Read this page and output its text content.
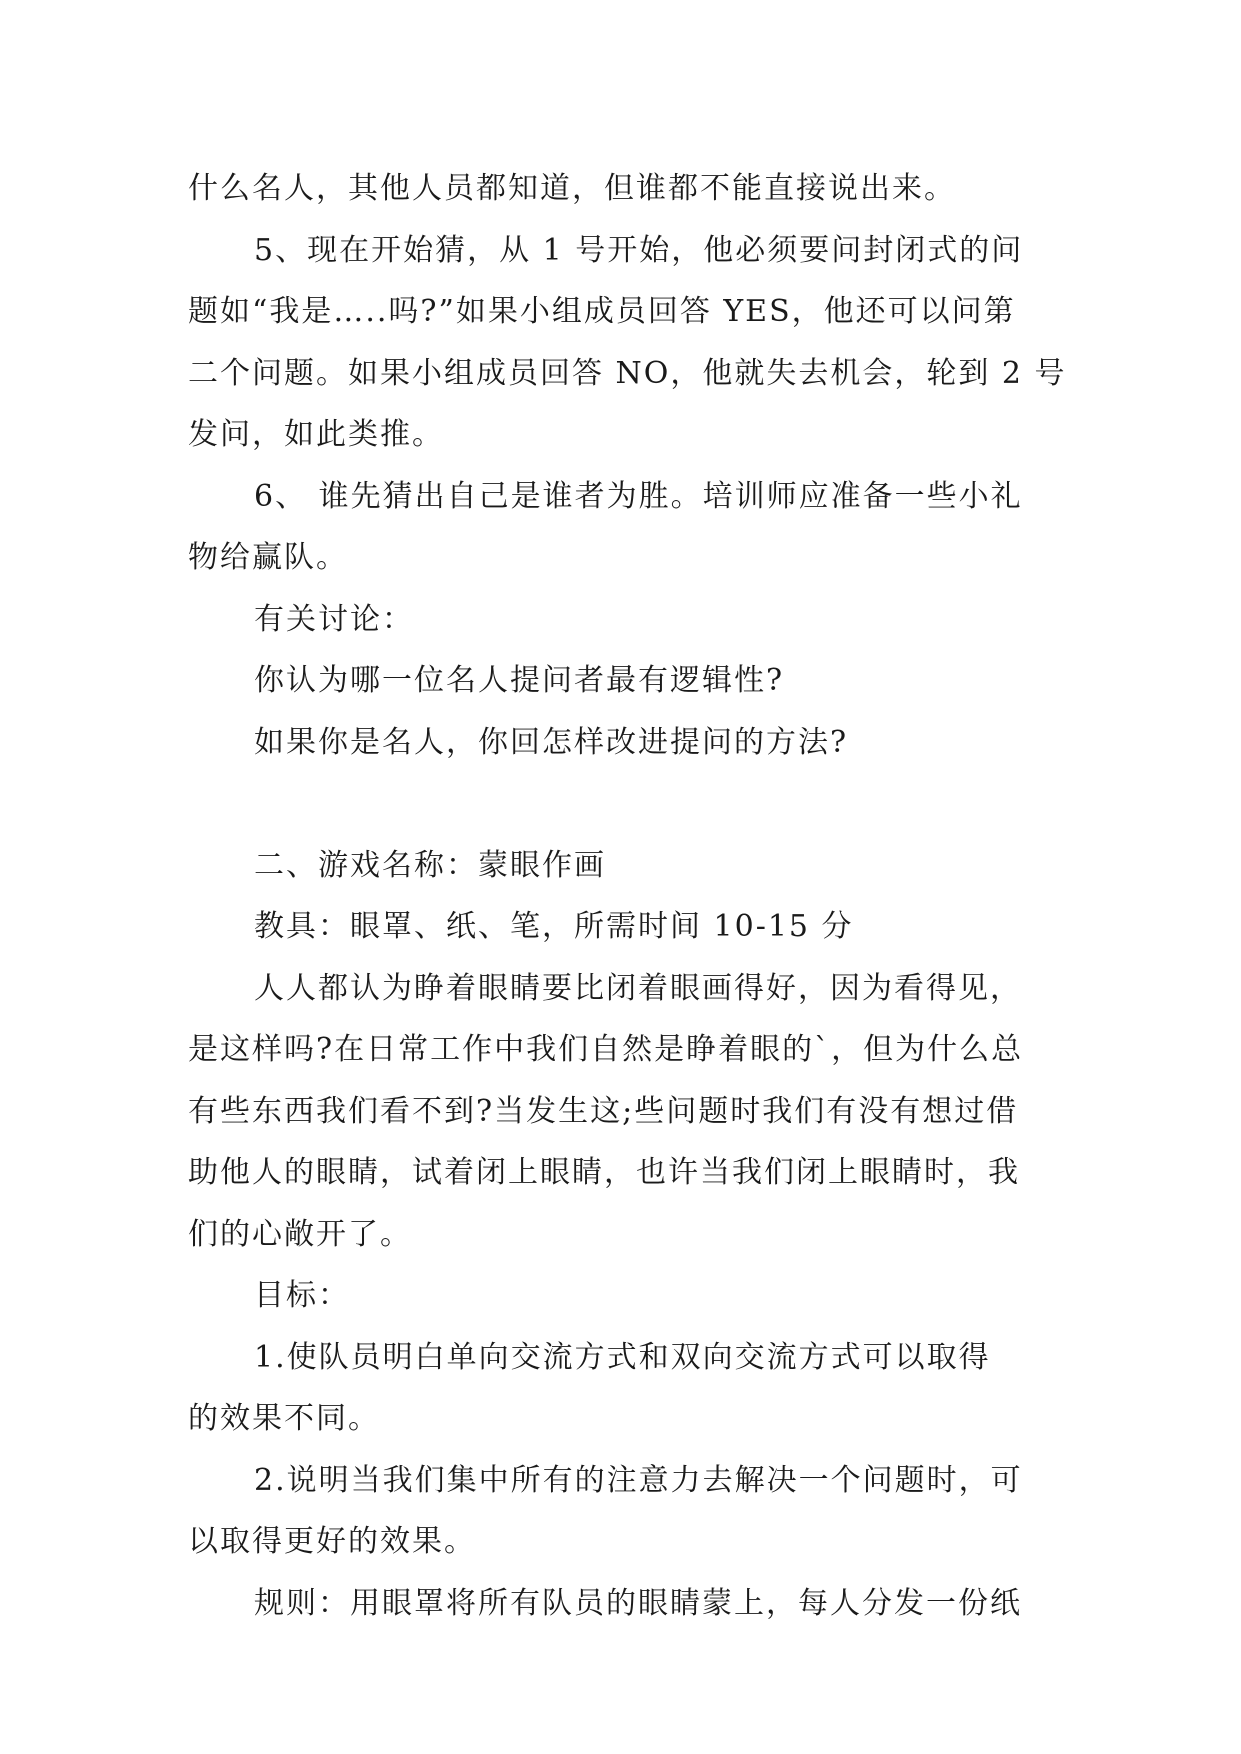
什么名人，其他人员都知道，但谁都不能直接说出来。
5、现在开始猜，从 1 号开始，他必须要问封闭式的问
题如“我是…..吗?”如果小组成员回答 YES，他还可以问第
二个问题。如果小组成员回答 NO，他就失去机会，轮到 2 号
发问，如此类推。
6、 谁先猜出自己是谁者为胜。培训师应准备一些小礼
物给赢队。
有关讨论：
你认为哪一位名人提问者最有逻辑性?
如果你是名人，你回怎样改进提问的方法?
二、游戏名称：蒙眼作画
教具：眼罩、纸、笔，所需时间 10-15 分
人人都认为睁着眼睛要比闭着眼画得好，因为看得见，
是这样吗?在日常工作中我们自然是睁着眼的`，但为什么总
有些东西我们看不到?当发生这;些问题时我们有没有想过借
助他人的眼睛，试着闭上眼睛，也许当我们闭上眼睛时，我
们的心敞开了。
目标：
1.使队员明白单向交流方式和双向交流方式可以取得
的效果不同。
2.说明当我们集中所有的注意力去解决一个问题时，可
以取得更好的效果。
规则：用眼罩将所有队员的眼睛蒙上，每人分发一份纸
